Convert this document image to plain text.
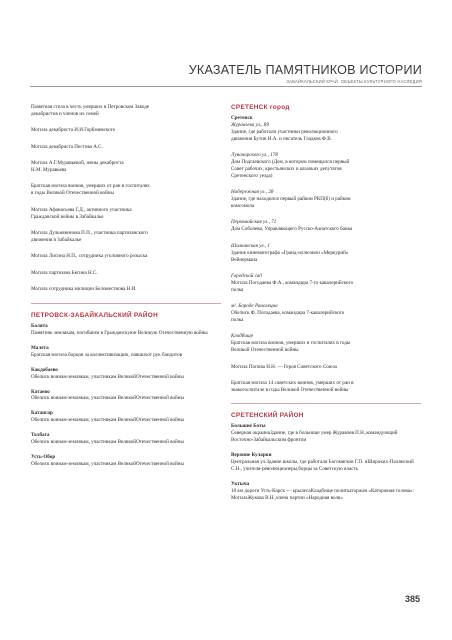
УКАЗАТЕЛЬ ПАМЯТНИКОВ ИСТОРИИ
ЗАБАЙКАЛЬСКИЙ КРАЙ. ОБЪЕКТЫ КУЛЬТУРНОГО НАСЛЕДИЯ
Памятная стела в честь умерших в Петровском Заводе
декабристов и членов их семей
Могила декабриста И.И.Горбачевского
Могила декабриста Пестова А.С.
Могила А.Г.Муравьевой, жены декабриста
Н.М. Муравьева
Братская могила воинов, умерших от ран в госпиталях
в годы Великой Отечественной войны
Могила Афанасьева Г.Д., активного участника
Гражданской войны в Забайкалье
Могила Дульнянинова П.П., участника партизанского
движения в Забайкалье
Могила Лисина Н.П., сотрудника уголовного розыска
Могила партизана Бегина Н.С.
Могила сотрудника милиции Беломестнова Н.И.
ПЕТРОВСК-ЗАБАЙКАЛЬСКИЙ РАЙОН
Балята
Памятник землякам, погибшим в Гражданскуюи Великую Отечественную войны
Малета
Братская могила борцов за коллективизацию, павшихот рук бандитов
Какдобаево
Обелиск воинам-землякам, участникам ВеликойОтечественной войны
Катаево
Обелиск воинам-землякам, участникам ВеликойОтечественной войны
Катангар
Обелиск воинам-землякам, участникам ВеликойОтечественной войны
Толбага
Обелиск воинам-землякам, участникам ВеликойОтечественной войны
Усть-Обор
Обелиск воинам-землякам, участникам ВеликойОтечественной войны
СРЕТЕНСК город
Сретенск
Журавлева ул., 89
Здание, где работали участники революционного
движения Бутин И.А. и писатель Гладков Ф.В.
Луначарского ул., 178
Дом Подгаевского (Дом, в котором помещался первый
Совет рабочих, крестьянских и казачьих депутатов
Сретенского уезда)
Набережная ул., 28
Здание, где находился первый райком РКП(б) и райком
комсомола
Первомайская ул., 71
Дом Соболева, Управляющего Русско-Азиатского банка
Шилкинская ул., 1
Здание кинематографа «Гранд-иллюзион «Меркурий»
Вейнерманa
Городской сад
Могила Погодаева Ф.А., командира 7-го кавалерийского
полка
м/. Бороде Раиолецна
Обелиск Ф. Погодаева, командира 7-кавалерийского
полка
Кладбище
Братская могила воинов, умерших в госпиталях в годы
Великой Отечественной войны
Могила Попова Н.Н. — Героя Советского Союза
Братская могила 14 советских воинов, умерших от ран в
эвакогоспитале в годы Великой Отечественной войны
СРЕТЕНСКИЙ РАЙОН
Большие Боты
Северная окраинаЗдание, где в больнице умер Журавлев П.Н.,командующий Восточно-Забайкальским фронтом
Верхние Куларки
Центральная ул.Здание школы, где работали Богомягков Г.П. иШироких-Полянский С.Н., учителя-революционеры,борцы за Советскую власть
Уктыча
18 км дороги Усть-Карск — крылесаКладбище политкаторжан «Каторжная голова»: МогилаЖукова В.Н.,члена партии «Народная воля»
385
